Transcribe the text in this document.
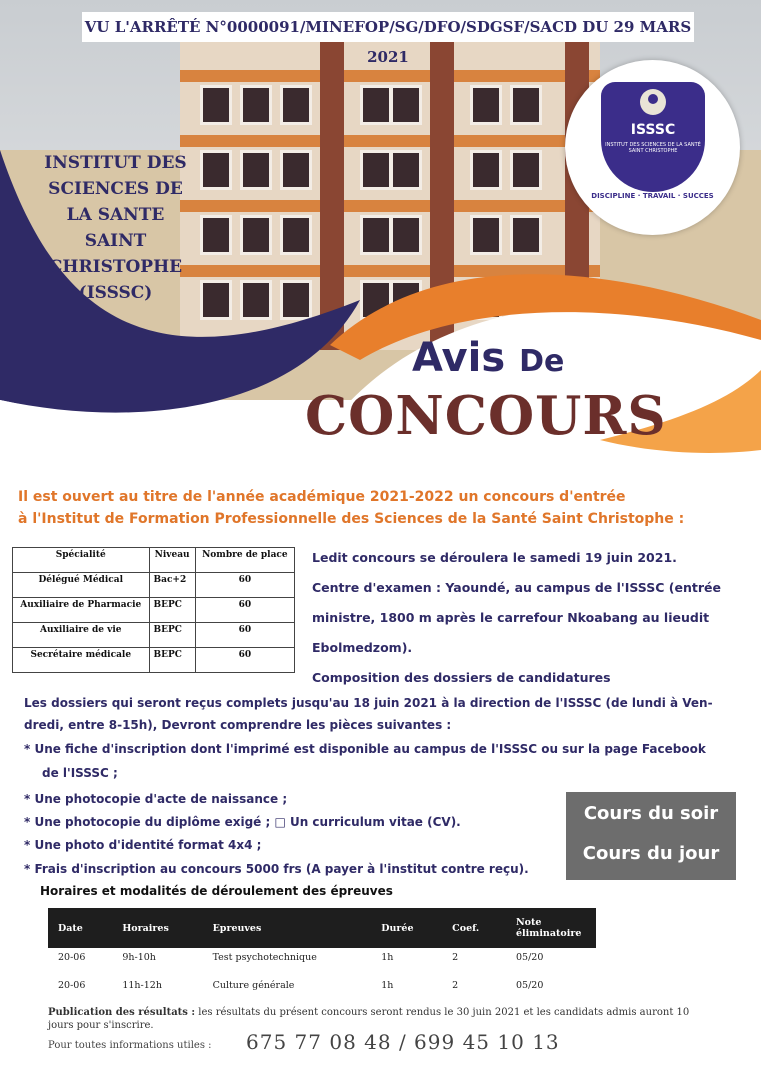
VU L'ARRÊTÉ N°0000091/MINEFOP/SG/DFO/SDGSF/SACD DU 29 MARS 2021
INSTITUT DES
SCIENCES DE
LA SANTE
SAINT
CHRISTOPHE
(ISSSC)
ISSSC
INSTITUT DES SCIENCES DE LA SANTÉ SAINT CHRISTOPHE
DISCIPLINE · TRAVAIL · SUCCES
Avis De
CONCOURS
Il est ouvert au titre de l'année académique 2021-2022 un concours d'entrée
à l'Institut de Formation Professionnelle des Sciences de la Santé Saint Christophe :
Spécialité	Niveau	Nombre de place
Délégué Médical	Bac+2	60
Auxiliaire de Pharmacie	BEPC	60
Auxiliaire de vie	BEPC	60
Secrétaire médicale	BEPC	60
Ledit concours se déroulera le samedi 19 juin 2021.
Centre d'examen : Yaoundé, au campus de l'ISSSC (entrée
ministre, 1800 m après le carrefour Nkoabang au lieudit
Ebolmedzom).
Composition des dossiers de candidatures
Les dossiers qui seront reçus complets jusqu'au 18 juin 2021 à la direction de l'ISSSC (de lundi à Ven-
dredi, entre 8-15h), Devront comprendre les pièces suivantes :
* Une fiche d'inscription dont l'imprimé est disponible au campus de l'ISSSC ou sur la page Facebook
de l'ISSSC ;
* Une photocopie d'acte de naissance ;
* Une photocopie du diplôme exigé ; □ Un curriculum vitae (CV).
* Une photo d'identité format 4x4 ;
* Frais d'inscription au concours 5000 frs (A payer à l'institut contre reçu).
Cours du soir
Cours du jour
Horaires et modalités de déroulement des épreuves
Date	Horaires	Epreuves	Durée	Coef.	Note éliminatoire
20-06	9h-10h	Test psychotechnique	1h	2	05/20
20-06	11h-12h	Culture générale	1h	2	05/20
Publication des résultats : les résultats du présent concours seront rendus le 30 juin 2021 et les candidats admis auront 10 jours pour s'inscrire.
Pour toutes informations utiles : 675 77 08 48 / 699 45 10 13
